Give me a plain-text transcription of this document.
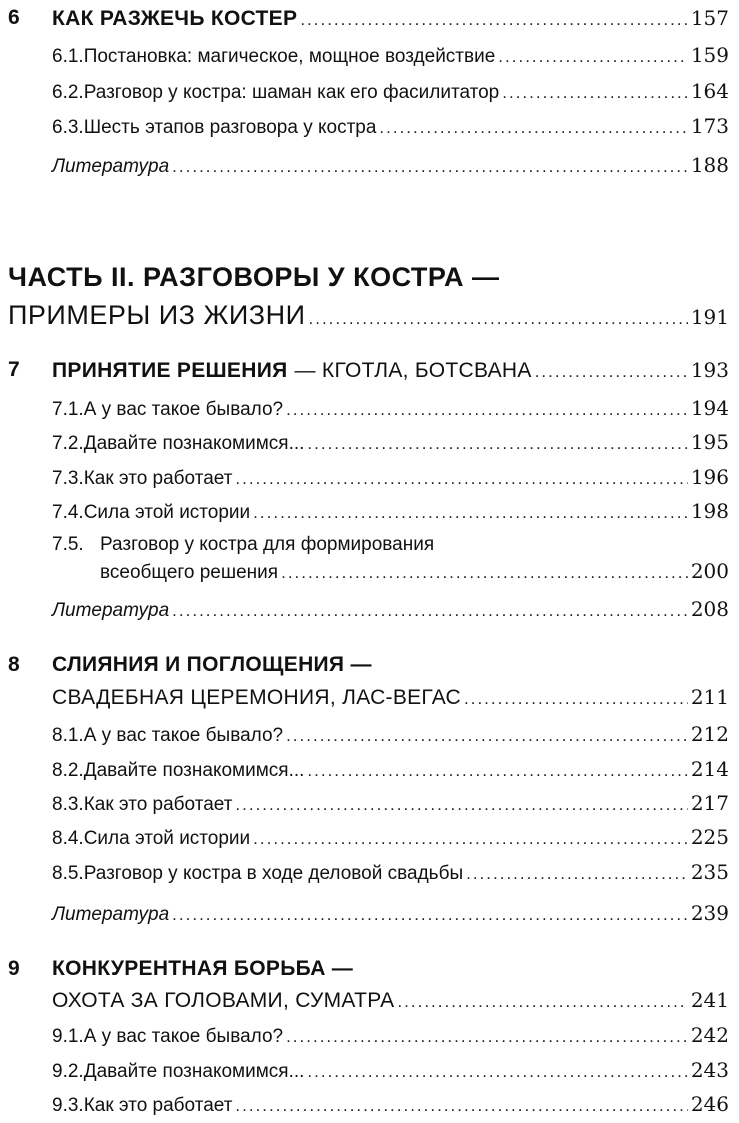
6 КАК РАЗЖЕЧЬ КОСТЕР .....	157
6.1. Постановка: магическое, мощное воздействие .....	159
6.2. Разговор у костра: шаман как его фасилитатор .....	164
6.3. Шесть этапов разговора у костра .....	173
Литература .....	188
ЧАСТЬ II. РАЗГОВОРЫ У КОСТРА —
ПРИМЕРЫ ИЗ ЖИЗНИ .....	191
7 ПРИНЯТИЕ РЕШЕНИЯ — КГОТЛА, БОТСВАНА .....	193
7.1. А у вас такое бывало? .....	194
7.2. Давайте познакомимся... .....	195
7.3. Как это работает .....	196
7.4. Сила этой истории .....	198
7.5. Разговор у костра для формирования
всеобщего решения .....	200
Литература .....	208
8 СЛИЯНИЯ И ПОГЛОЩЕНИЯ —
СВАДЕБНАЯ ЦЕРЕМОНИЯ, ЛАС-ВЕГАС .....	211
8.1. А у вас такое бывало? .....	212
8.2. Давайте познакомимся... .....	214
8.3. Как это работает .....	217
8.4. Сила этой истории .....	225
8.5. Разговор у костра в ходе деловой свадьбы .....	235
Литература .....	239
9 КОНКУРЕНТНАЯ БОРЬБА —
ОХОТА ЗА ГОЛОВАМИ, СУМАТРА .....	241
9.1. А у вас такое бывало? .....	242
9.2. Давайте познакомимся... .....	243
9.3. Как это работает .....	246
